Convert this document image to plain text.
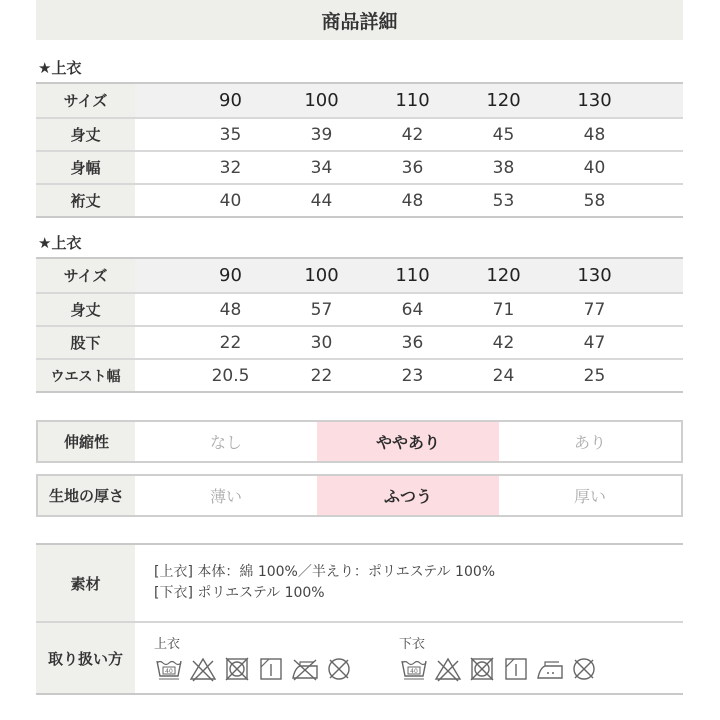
商品詳細
★上衣
サイズ	90	100	110	120	130
身丈	35	39	42	45	48
身幅	32	34	36	38	40
裄丈	40	44	48	53	58
★上衣
サイズ	90	100	110	120	130
身丈	48	57	64	71	77
股下	22	30	36	42	47
ウエスト幅	20.5	22	23	24	25
伸縮性	なし	ややあり	あり
生地の厚さ	薄い	ふつう	厚い
素材
[上衣] 本体：綿 100%／半えり：ポリエステル 100%
[下衣] ポリエステル 100%
取り扱い方
上衣
40
下衣
40
